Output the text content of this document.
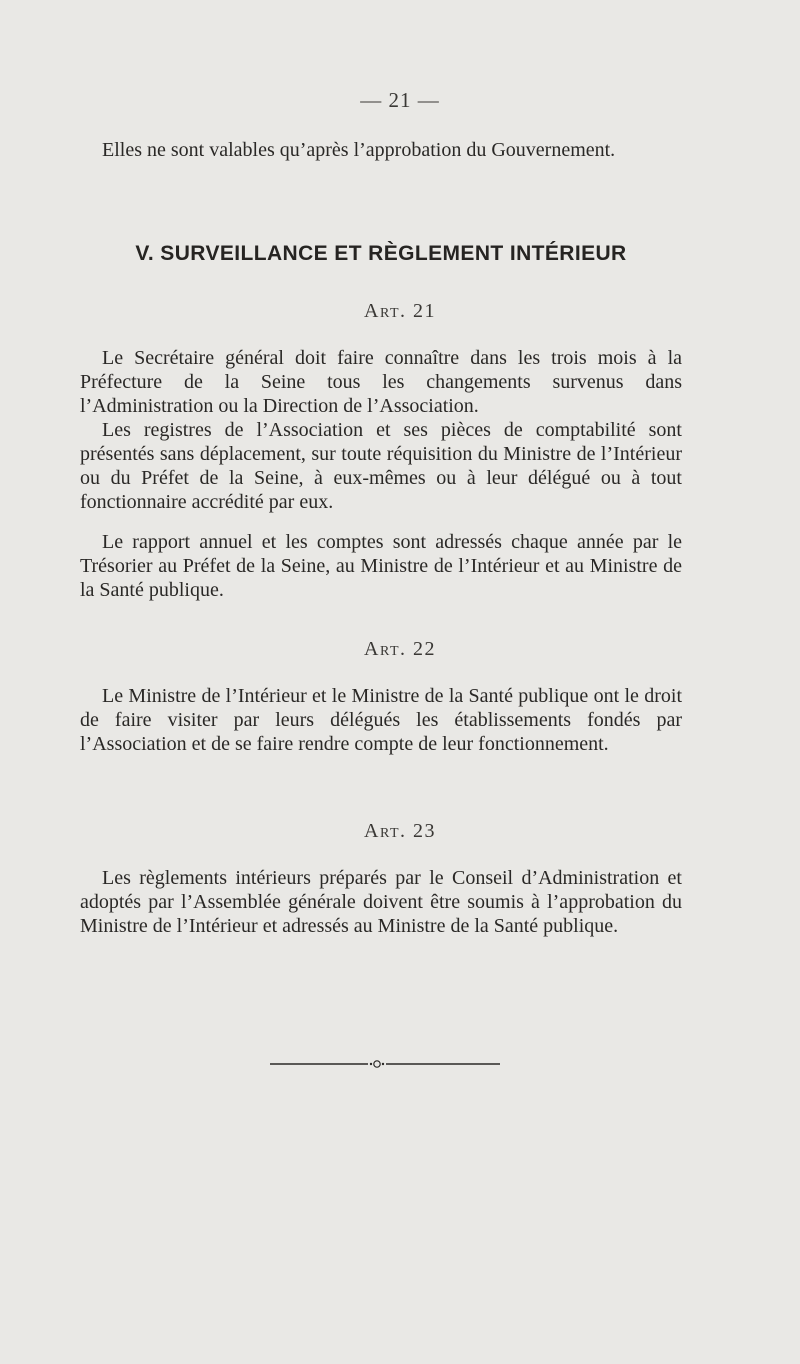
— 21 —

Elles ne sont valables qu’après l’approbation du Gouvernement.

V. SURVEILLANCE ET RÈGLEMENT INTÉRIEUR
Art. 21

Le Secrétaire général doit faire connaître dans les trois mois à la Préfecture de la Seine tous les changements survenus dans l’Administration ou la Direction de l’Association.

Les registres de l’Association et ses pièces de comptabilité sont présentés sans déplacement, sur toute réquisition du Ministre de l’Intérieur ou du Préfet de la Seine, à eux-mêmes ou à leur délégué ou à tout fonctionnaire accrédité par eux.

Le rapport annuel et les comptes sont adressés chaque année par le Trésorier au Préfet de la Seine, au Ministre de l’Intérieur et au Ministre de la Santé publique.

Art. 22

Le Ministre de l’Intérieur et le Ministre de la Santé publique ont le droit de faire visiter par leurs délégués les établissements fondés par l’Association et de se faire rendre compte de leur fonctionnement.

Art. 23

Les règlements intérieurs préparés par le Conseil d’Administration et adoptés par l’Assemblée générale doivent être soumis à l’approbation du Ministre de l’Intérieur et adressés au Ministre de la Santé publique.
